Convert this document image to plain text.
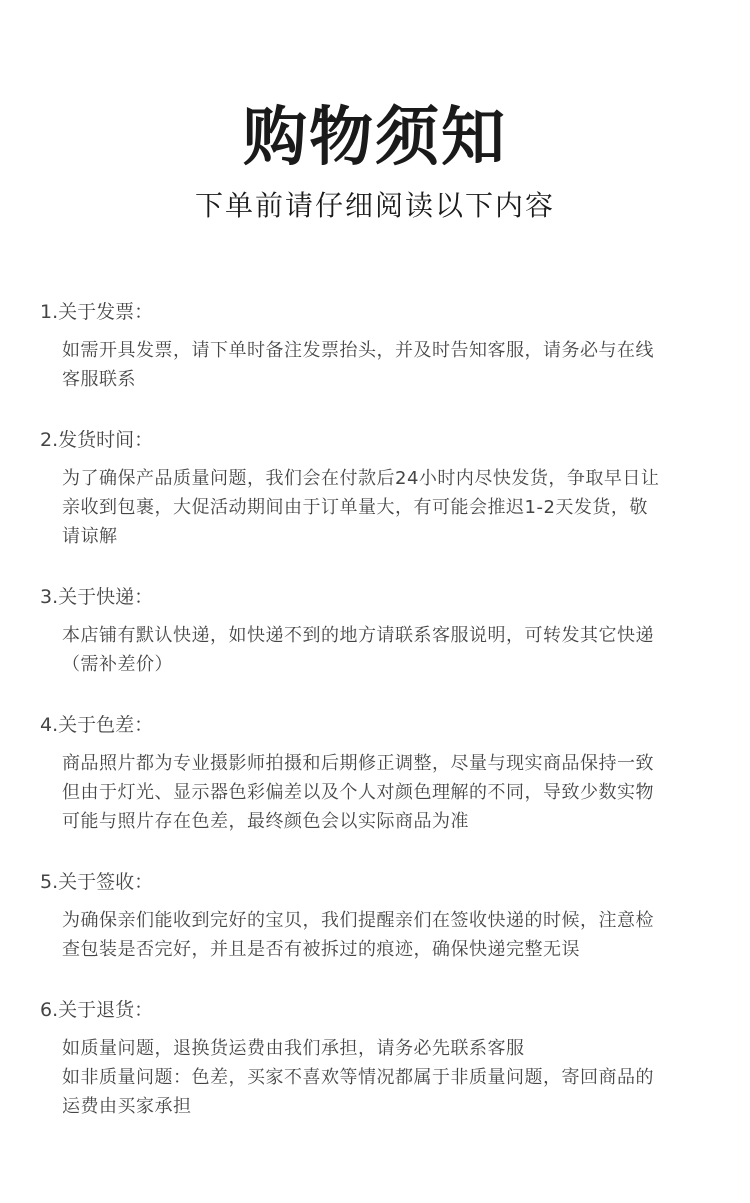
购物须知
下单前请仔细阅读以下内容
1.关于发票：

如需开具发票，请下单时备注发票抬头，并及时告知客服，请务必与在线

客服联系

2.发货时间：

为了确保产品质量问题，我们会在付款后24小时内尽快发货，争取早日让

亲收到包裹，大促活动期间由于订单量大，有可能会推迟1-2天发货，敬

请谅解

3.关于快递：

本店铺有默认快递，如快递不到的地方请联系客服说明，可转发其它快递

（需补差价）

4.关于色差：

商品照片都为专业摄影师拍摄和后期修正调整，尽量与现实商品保持一致

但由于灯光、显示器色彩偏差以及个人对颜色理解的不同，导致少数实物

可能与照片存在色差，最终颜色会以实际商品为准

5.关于签收：

为确保亲们能收到完好的宝贝，我们提醒亲们在签收快递的时候，注意检

查包装是否完好，并且是否有被拆过的痕迹，确保快递完整无误

6.关于退货：

如质量问题，退换货运费由我们承担，请务必先联系客服

如非质量问题：色差，买家不喜欢等情况都属于非质量问题，寄回商品的

运费由买家承担
